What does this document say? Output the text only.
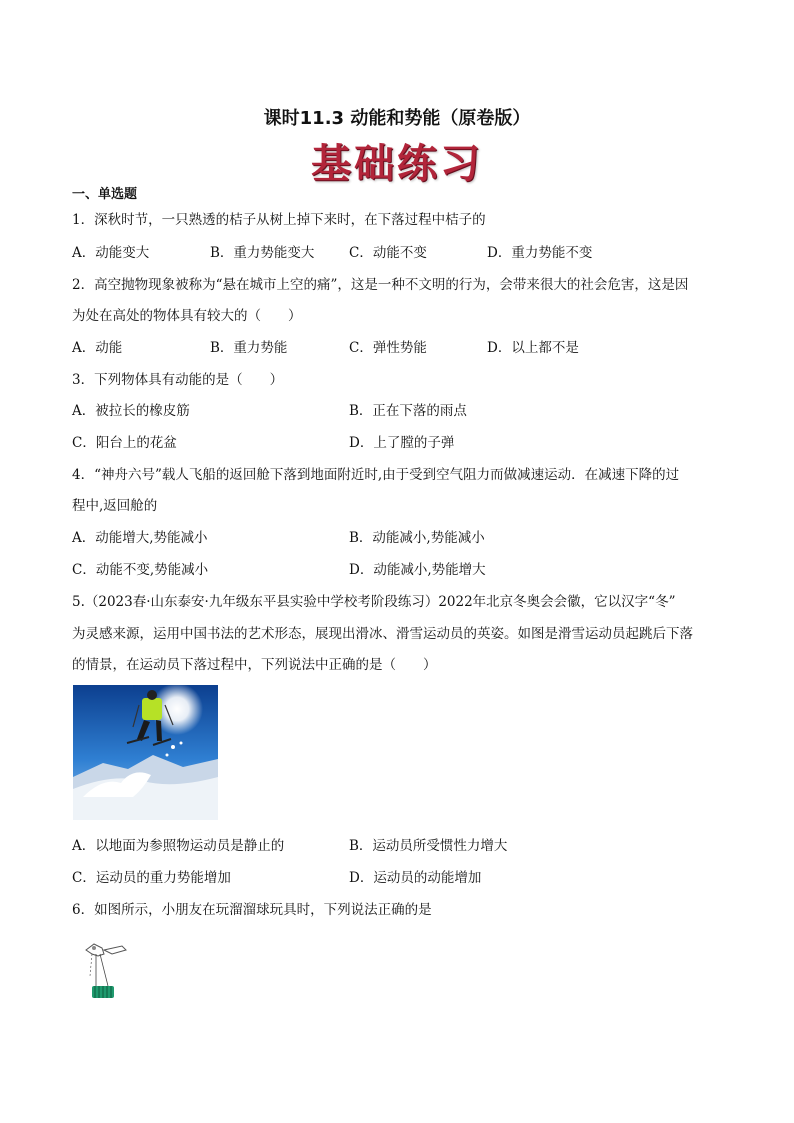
课时11.3 动能和势能（原卷版）
基础练习
一、单选题
1．深秋时节，一只熟透的桔子从树上掉下来时，在下落过程中桔子的
A．动能变大	B．重力势能变大	C．动能不变	D．重力势能不变
2．高空抛物现象被称为“悬在城市上空的痛”，这是一种不文明的行为，会带来很大的社会危害，这是因
为处在高处的物体具有较大的（　　）
A．动能	B．重力势能	C．弹性势能	D．以上都不是
3．下列物体具有动能的是（　　）
A．被拉长的橡皮筋	B．正在下落的雨点
C．阳台上的花盆	D．上了膛的子弹
4．“神舟六号”载人飞船的返回舱下落到地面附近时,由于受到空气阻力而做减速运动．在减速下降的过
程中,返回舱的
A．动能增大,势能减小	B．动能减小,势能减小
C．动能不变,势能减小	D．动能减小,势能增大
5.（2023春·山东泰安·九年级东平县实验中学校考阶段练习）2022年北京冬奥会会徽，它以汉字“冬”
为灵感来源，运用中国书法的艺术形态，展现出滑冰、滑雪运动员的英姿。如图是滑雪运动员起跳后下落
的情景，在运动员下落过程中，下列说法中正确的是（　　）
A．以地面为参照物运动员是静止的	B．运动员所受惯性力增大
C．运动员的重力势能增加	D．运动员的动能增加
6．如图所示，小朋友在玩溜溜球玩具时，下列说法正确的是
